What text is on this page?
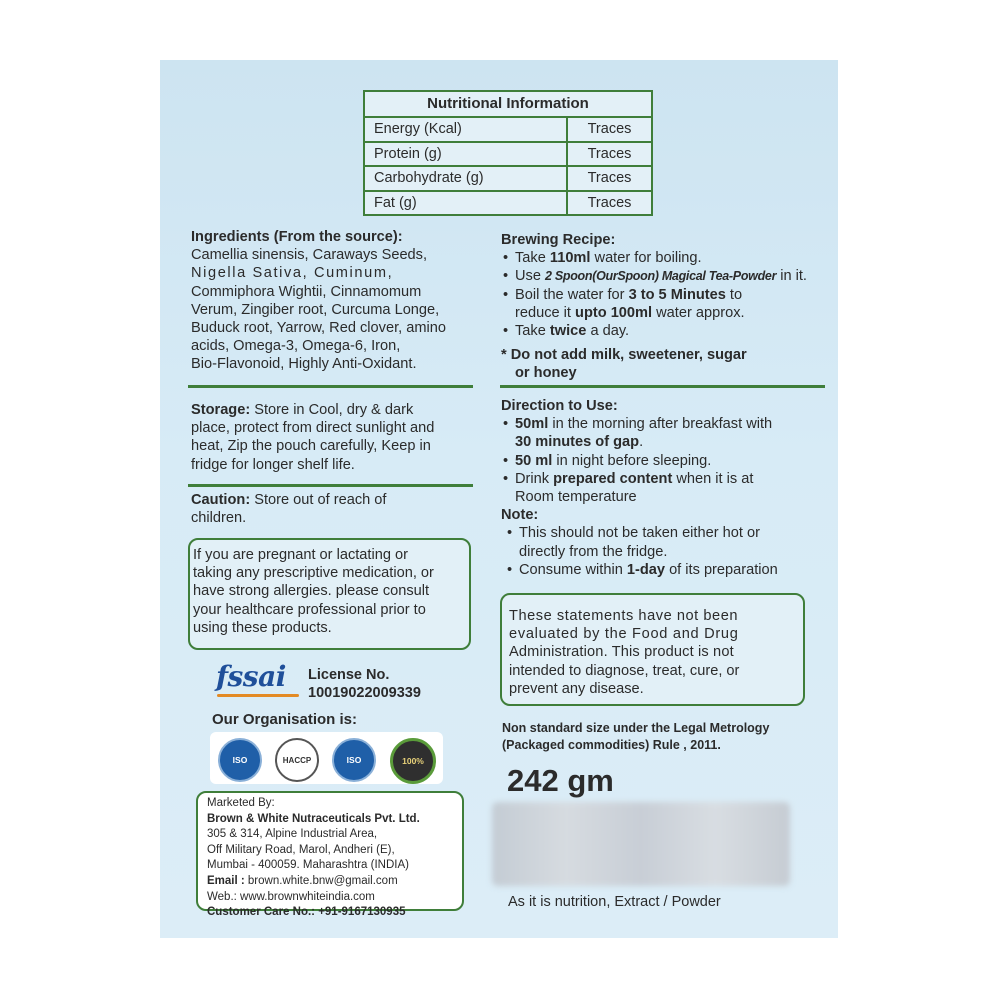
Nutritional Information
Energy (Kcal)	Traces
Protein (g)	Traces
Carbohydrate (g)	Traces
Fat (g)	Traces
Ingredients (From the source):
Camellia sinensis, Caraways Seeds,
Nigella Sativa, Cuminum,
Commiphora Wightii, Cinnamomum
Verum, Zingiber root, Curcuma Longe,
Buduck root, Yarrow, Red clover, amino
acids, Omega-3, Omega-6, Iron,
Bio-Flavonoid, Highly Anti-Oxidant.
Storage: Store in Cool, dry & dark
place, protect from direct sunlight and
heat, Zip the pouch carefully, Keep in
fridge for longer shelf life.
Caution: Store out of reach of
children.
If you are pregnant or lactating or
taking any prescriptive medication, or
have strong allergies. please consult
your healthcare professional prior to
using these products.
fssai License No.
10019022009339
Our Organisation is:
ISO	HACCP	ISO	100%
Marketed By:
Brown & White Nutraceuticals Pvt. Ltd.
305 & 314, Alpine Industrial Area,
Off Military Road, Marol, Andheri (E),
Mumbai - 400059. Maharashtra (INDIA)
Email : brown.white.bnw@gmail.com
Web.: www.brownwhiteindia.com
Customer Care No.: +91-9167130935
Brewing Recipe:
• Take 110ml water for boiling.
• Use 2 Spoon(OurSpoon) Magical Tea-Powder in it.
• Boil the water for 3 to 5 Minutes to
reduce it upto 100ml water approx.
• Take twice a day.
* Do not add milk, sweetener, sugar
or honey
Direction to Use:
• 50ml in the morning after breakfast with
30 minutes of gap.
• 50 ml in night before sleeping.
• Drink prepared content when it is at
Room temperature
Note:
• This should not be taken either hot or
directly from the fridge.
• Consume within 1-day of its preparation
These statements have not been
evaluated by the Food and Drug
Administration. This product is not
intended to diagnose, treat, cure, or
prevent any disease.
Non standard size under the Legal Metrology
(Packaged commodities) Rule , 2011.
242 gm
As it is nutrition, Extract / Powder
